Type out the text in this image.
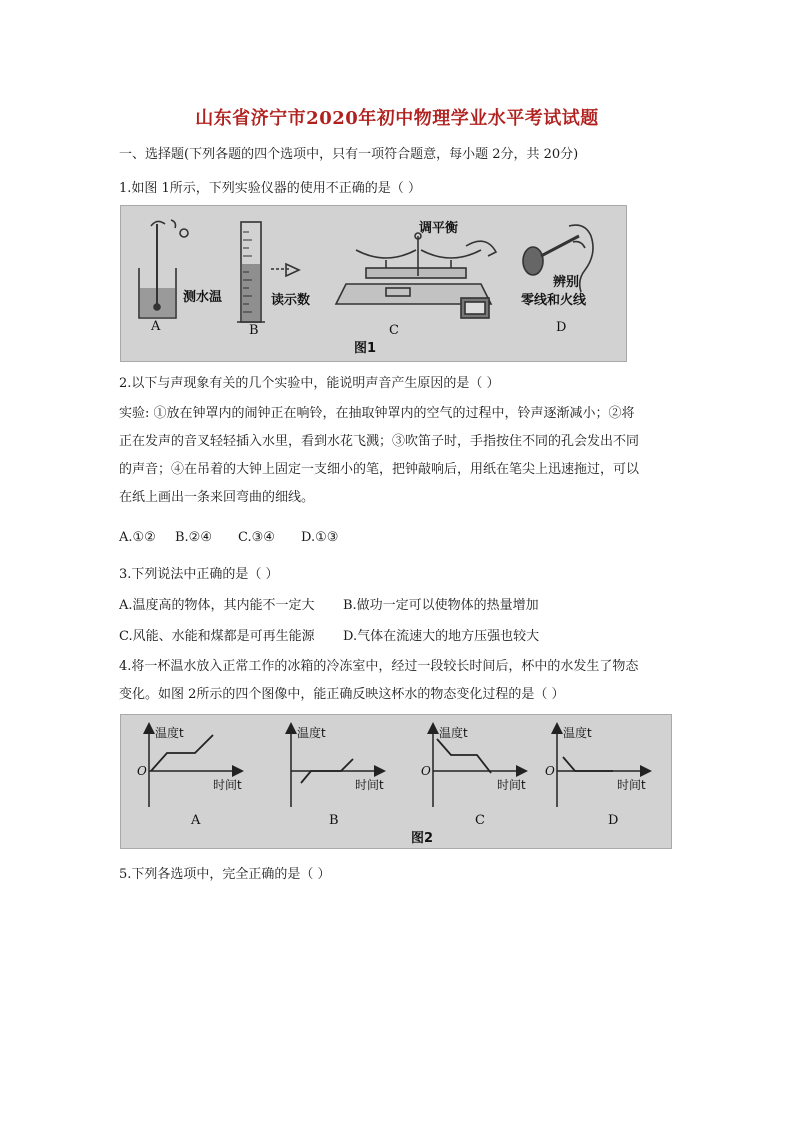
山东省济宁市2020年初中物理学业水平考试试题
一、选择题(下列各题的四个选项中，只有一项符合题意，每小题 2分，共 20分)
1.如图 1所示，下列实验仪器的使用不正确的是（ ）
测水温	读示数
调平衡
辨别
零线和火线
A	B	C	D
图1
2.以下与声现象有关的几个实验中，能说明声音产生原因的是（ ）
实验: ①放在钟罩内的闹钟正在响铃，在抽取钟罩内的空气的过程中，铃声逐渐减小；②将
正在发声的音叉轻轻插入水里，看到水花飞溅；③吹笛子时，手指按住不同的孔会发出不同
的声音；④在吊着的大钟上固定一支细小的笔，把钟敲响后，用纸在笔尖上迅速拖过，可以
在纸上画出一条来回弯曲的细线。
A.①② B.②④ C.③④ D.①③
3.下列说法中正确的是（ ）
A.温度高的物体，其内能不一定大 B.做功一定可以使物体的热量增加
C.风能、水能和煤都是可再生能源 D.气体在流速大的地方压强也较大
4.将一杯温水放入正常工作的冰箱的冷冻室中，经过一段较长时间后，杯中的水发生了物态
变化。如图 2所示的四个图像中，能正确反映这杯水的物态变化过程的是（ ）
温度t
O
时间t
A
温度t
时间t
B
温度t
O
时间t
C
温度t
O
时间t
D
图2
5.下列各选项中，完全正确的是（ ）
